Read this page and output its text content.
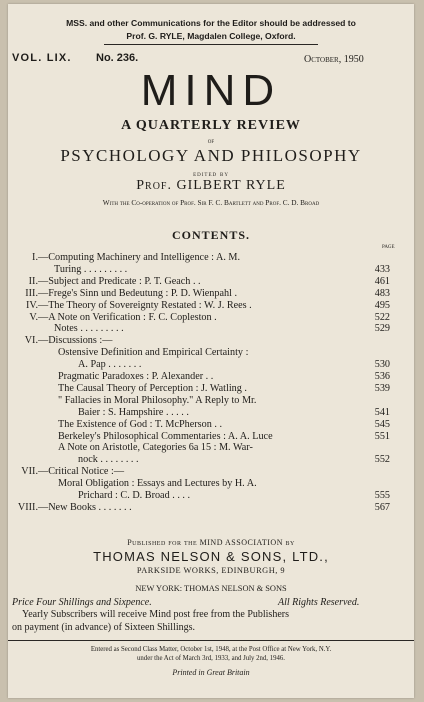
MSS. and other Communications for the Editor should be addressed to
Prof. G. RYLE, Magdalen College, Oxford.
VOL. LIX. No. 236.	October, 1950
MIND
A QUARTERLY REVIEW
of
PSYCHOLOGY AND PHILOSOPHY
edited by
Prof. GILBERT RYLE
With the Co-operation of Prof. Sir F. C. Bartlett and Prof. C. D. Broad
CONTENTS.
page
I. —Computing Machinery and Intelligence : A. M.
Turing . . . . . . . . .	433
II. —Subject and Predicate : P. T. Geach . .	461
III. —Frege's Sinn und Bedeutung : P. D. Wienpahl .	483
IV. —The Theory of Sovereignty Restated : W. J. Rees .	495
V. —A Note on Verification : F. C. Copleston .	522
Notes . . . . . . . . .	529
VI. —Discussions :—
Ostensive Definition and Empirical Certainty :
A. Pap . . . . . . .	530
Pragmatic Paradoxes : P. Alexander . .	536
The Causal Theory of Perception : J. Watling .	539
" Fallacies in Moral Philosophy." A Reply to Mr.
Baier : S. Hampshire . . . . .	541
The Existence of God : T. McPherson . .	545
Berkeley's Philosophical Commentaries : A. A. Luce	551
A Note on Aristotle, Categories 6a 15 : M. War-
nock . . . . . . . .	552
VII. —Critical Notice :—
Moral Obligation : Essays and Lectures by H. A.
Prichard : C. D. Broad . . . .	555
VIII. —New Books . . . . . . .	567
Published for the MIND ASSOCIATION by
THOMAS NELSON & SONS, LTD.,
PARKSIDE WORKS, EDINBURGH, 9
NEW YORK: THOMAS NELSON & SONS
Price Four Shillings and Sixpence.	All Rights Reserved.
Yearly Subscribers will receive Mind post free from the Publishers
on payment (in advance) of Sixteen Shillings.
Entered as Second Class Matter, October 1st, 1948, at the Post Office at New York, N.Y.
under the Act of March 3rd, 1933, and July 2nd, 1946.
Printed in Great Britain
